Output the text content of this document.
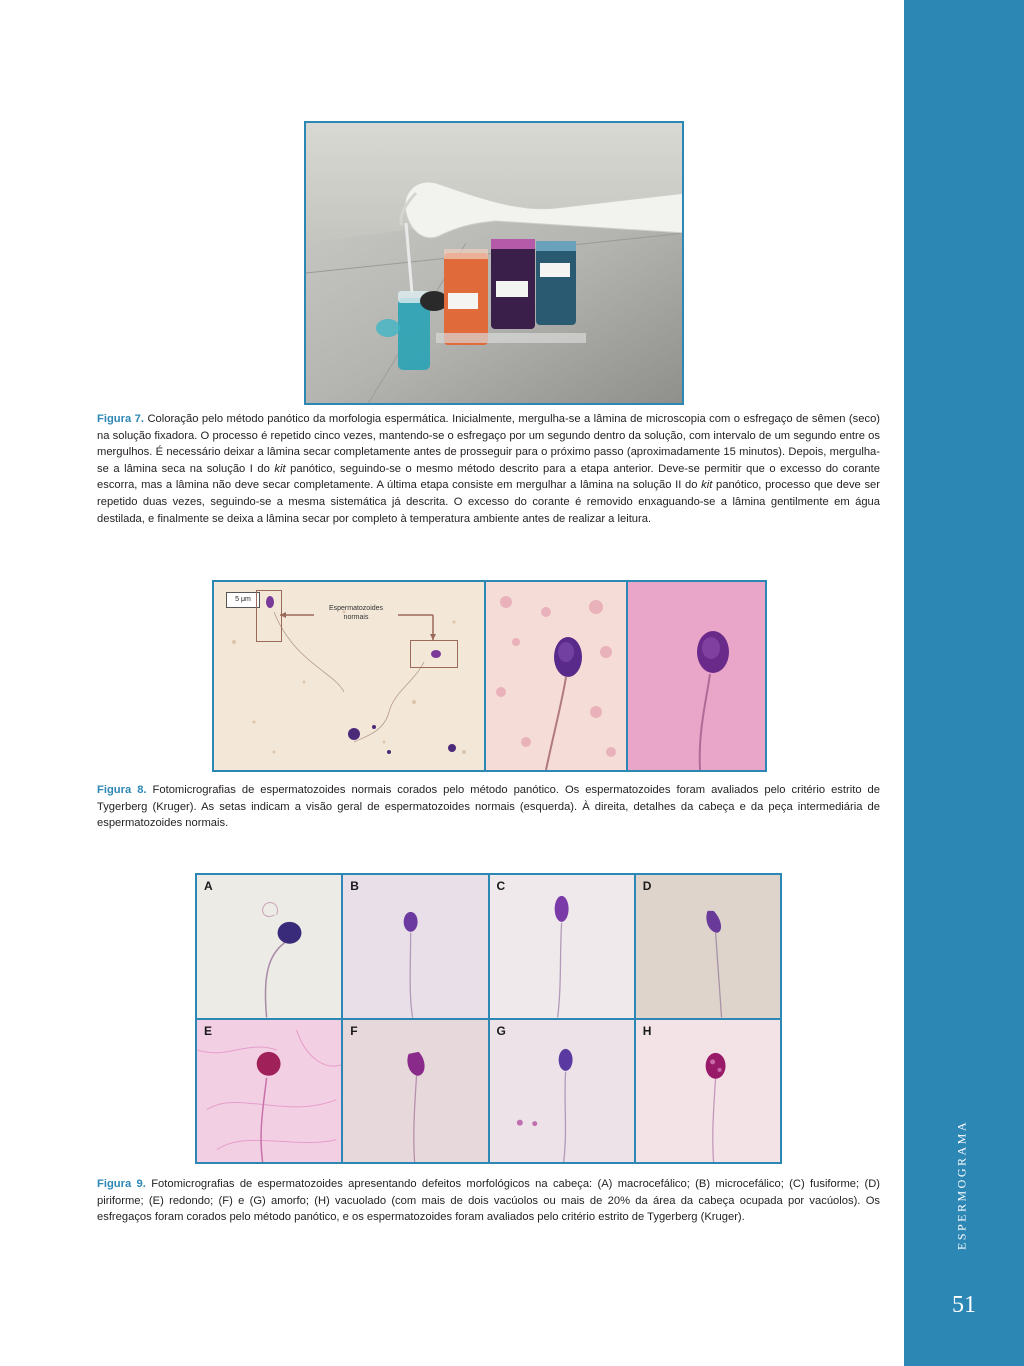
ESPERMOGRAMA
51

Figura 7. Coloração pelo método panótico da morfologia espermática. Inicialmente, mergulha-se a lâmina de microscopia com o esfregaço de sêmen (seco) na solução fixadora. O processo é repetido cinco vezes, mantendo-se o esfregaço por um segundo dentro da solução, com intervalo de um segundo entre os mergulhos. É necessário deixar a lâmina secar completamente antes de prosseguir para o próximo passo (aproximadamente 15 minutos). Depois, mergulha-se a lâmina seca na solução I do kit panótico, seguindo-se o mesmo método descrito para a etapa anterior. Deve-se permitir que o excesso do corante escorra, mas a lâmina não deve secar completamente. A última etapa consiste em mergulhar a lâmina na solução II do kit panótico, processo que deve ser repetido duas vezes, seguindo-se a mesma sistemática já descrita. O excesso do corante é removido enxaguando-se a lâmina gentilmente em água destilada, e finalmente se deixa a lâmina secar por completo à temperatura ambiente antes de realizar a leitura.

5 μm
Espermatozoides
normais

Figura 8. Fotomicrografias de espermatozoides normais corados pelo método panótico. Os espermatozoides foram avaliados pelo critério estrito de Tygerberg (Kruger). As setas indicam a visão geral de espermatozoides normais (esquerda). À direita, detalhes da cabeça e da peça intermediária de espermatozoides normais.

A	B	C	D
E	F	G	H

Figura 9. Fotomicrografias de espermatozoides apresentando defeitos morfológicos na cabeça: (A) macrocefálico; (B) microcefálico; (C) fusiforme; (D) piriforme; (E) redondo; (F) e (G) amorfo; (H) vacuolado (com mais de dois vacúolos ou mais de 20% da área da cabeça ocupada por vacúolos). Os esfregaços foram corados pelo método panótico, e os espermatozoides foram avaliados pelo critério estrito de Tygerberg (Kruger).
